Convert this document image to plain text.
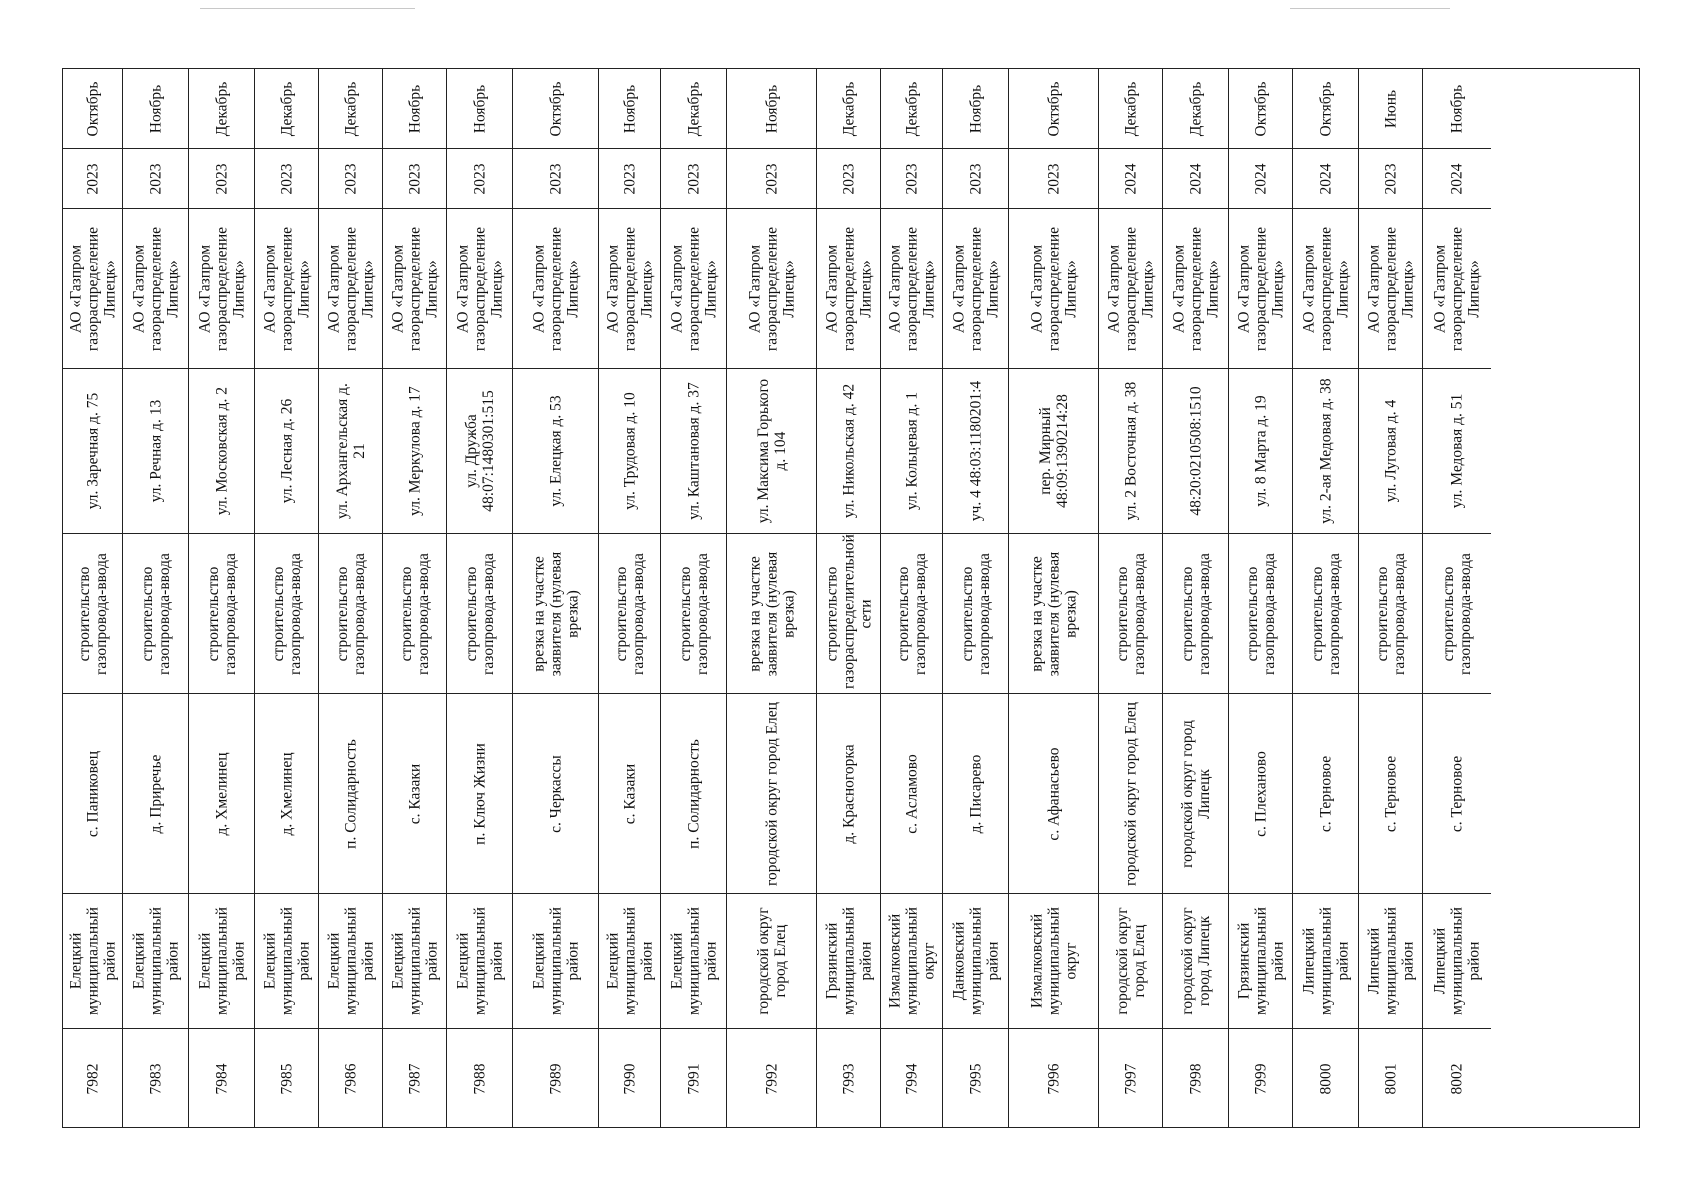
Октябрь
2023
АО «Газпром газораспределение Липецк»
ул. Заречная д. 75
строительство газопровода-ввода
с. Паниковец
Елецкий муниципальный район
7982
Ноябрь
2023
АО «Газпром газораспределение Липецк»
ул. Речная д. 13
строительство газопровода-ввода
д. Приречье
Елецкий муниципальный район
7983
Декабрь
2023
АО «Газпром газораспределение Липецк»
ул. Московская д. 2
строительство газопровода-ввода
д. Хмелинец
Елецкий муниципальный район
7984
Декабрь
2023
АО «Газпром газораспределение Липецк»
ул. Лесная д. 26
строительство газопровода-ввода
д. Хмелинец
Елецкий муниципальный район
7985
Декабрь
2023
АО «Газпром газораспределение Липецк»
ул. Архангельская д. 21
строительство газопровода-ввода
п. Солидарность
Елецкий муниципальный район
7986
Ноябрь
2023
АО «Газпром газораспределение Липецк»
ул. Меркулова д. 17
строительство газопровода-ввода
с. Казаки
Елецкий муниципальный район
7987
Ноябрь
2023
АО «Газпром газораспределение Липецк»
ул. Дружба 48:07:1480301:515
строительство газопровода-ввода
п. Ключ Жизни
Елецкий муниципальный район
7988
Октябрь
2023
АО «Газпром газораспределение Липецк»
ул. Елецкая д. 53
врезка на участке заявителя (нулевая врезка)
с. Черкассы
Елецкий муниципальный район
7989
Ноябрь
2023
АО «Газпром газораспределение Липецк»
ул. Трудовая д. 10
строительство газопровода-ввода
с. Казаки
Елецкий муниципальный район
7990
Декабрь
2023
АО «Газпром газораспределение Липецк»
ул. Каштановая д. 37
строительство газопровода-ввода
п. Солидарность
Елецкий муниципальный район
7991
Ноябрь
2023
АО «Газпром газораспределение Липецк»
ул. Максима Горького д. 104
врезка на участке заявителя (нулевая врезка)
городской округ город Елец
городской округ город Елец
7992
Декабрь
2023
АО «Газпром газораспределение Липецк»
ул. Никольская д. 42
строительство газораспределительной сети
д. Красногорка
Грязинский муниципальный район
7993
Декабрь
2023
АО «Газпром газораспределение Липецк»
ул. Кольцевая д. 1
строительство газопровода-ввода
с. Асламово
Измалковский муниципальный округ
7994
Ноябрь
2023
АО «Газпром газораспределение Липецк»
уч. 4 48:03:1180201:4
строительство газопровода-ввода
д. Писарево
Данковский муниципальный район
7995
Октябрь
2023
АО «Газпром газораспределение Липецк»
пер. Мирный 48:09:1390214:28
врезка на участке заявителя (нулевая врезка)
с. Афанасьево
Измалковский муниципальный округ
7996
Декабрь
2024
АО «Газпром газораспределение Липецк»
ул. 2 Восточная д. 38
строительство газопровода-ввода
городской округ город Елец
городской округ город Елец
7997
Декабрь
2024
АО «Газпром газораспределение Липецк»
48:20:0210508:1510
строительство газопровода-ввода
городской округ город Липецк
городской округ город Липецк
7998
Октябрь
2024
АО «Газпром газораспределение Липецк»
ул. 8 Марта д. 19
строительство газопровода-ввода
с. Плеханово
Грязинский муниципальный район
7999
Октябрь
2024
АО «Газпром газораспределение Липецк»
ул. 2-ая Медовая д. 38
строительство газопровода-ввода
с. Терновое
Липецкий муниципальный район
8000
Июнь
2023
АО «Газпром газораспределение Липецк»
ул. Луговая д. 4
строительство газопровода-ввода
с. Терновое
Липецкий муниципальный район
8001
Ноябрь
2024
АО «Газпром газораспределение Липецк»
ул. Медовая д. 51
строительство газопровода-ввода
с. Терновое
Липецкий муниципальный район
8002
